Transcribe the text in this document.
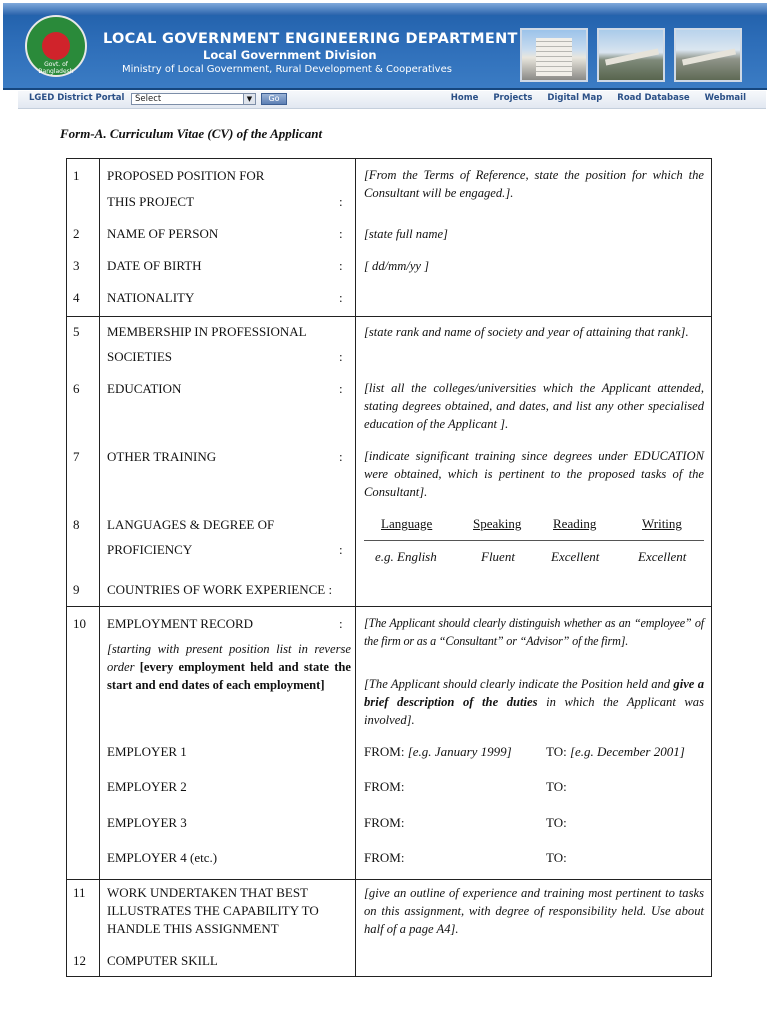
Govt. of Bangladesh
LOCAL GOVERNMENT ENGINEERING DEPARTMENT
Local Government Division
Ministry of Local Government, Rural Development & Cooperatives
LGED District Portal Select	▼	Go	Home Projects Digital Map Road Database Webmail
Form-A. Curriculum Vitae (CV) of the Applicant
1 PROPOSED POSITION FOR
THIS PROJECT	:
[From the Terms of Reference, state the position for which the Consultant will be engaged.].
2 NAME OF PERSON	: [state full name]
3 DATE OF BIRTH	: [ dd/mm/yy ]
4 NATIONALITY	:
5 MEMBERSHIP IN PROFESSIONAL
SOCIETIES	:
[state rank and name of society and year of attaining that rank].
6 EDUCATION	: [list all the colleges/universities which the Applicant attended, stating degrees obtained, and dates, and list any other specialised education of the Applicant ].
7 OTHER TRAINING	: [indicate significant training since degrees under EDUCATION were obtained, which is pertinent to the proposed tasks of the Consultant].
8 LANGUAGES & DEGREE OF
PROFICIENCY	:
Language	Speaking Reading	Writing
e.g. English	Fluent	Excellent	Excellent
9 COUNTRIES OF WORK EXPERIENCE :
10 EMPLOYMENT RECORD	:
[starting with present position list in reverse order [every employment held and state the start and end dates of each employment]
[The Applicant should clearly distinguish whether as an “employee” of the firm or as a “Consultant” or “Advisor” of the firm].
[The Applicant should clearly indicate the Position held and give a brief description of the duties in which the Applicant was involved].
EMPLOYER 1	FROM: [e.g. January 1999]	TO: [e.g. December 2001]
EMPLOYER 2	FROM:	TO:
EMPLOYER 3	FROM:	TO:
EMPLOYER 4 (etc.)	FROM:	TO:
11 WORK UNDERTAKEN THAT BEST
ILLUSTRATES THE CAPABILITY TO
HANDLE THIS ASSIGNMENT
[give an outline of experience and training most pertinent to tasks on this assignment, with degree of responsibility held. Use about half of a page A4].
12 COMPUTER SKILL
